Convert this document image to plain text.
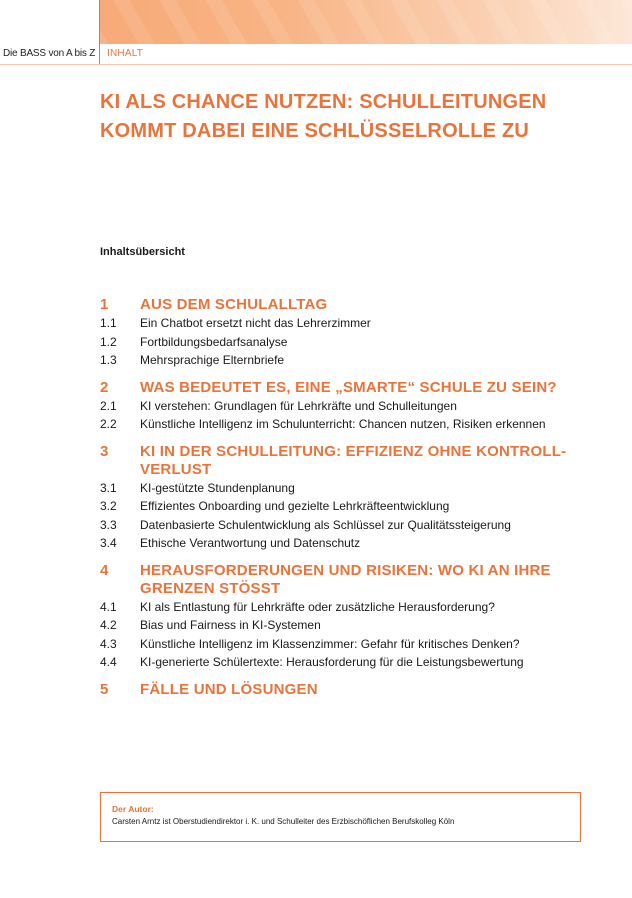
Die BASS von A bis Z INHALT
KI ALS CHANCE NUTZEN: SCHULLEITUNGEN KOMMT DABEI EINE SCHLÜSSELROLLE ZU
Inhaltsübersicht
1	AUS DEM SCHULALLTAG
1.1	Ein Chatbot ersetzt nicht das Lehrerzimmer
1.2	Fortbildungsbedarfsanalyse
1.3	Mehrsprachige Elternbriefe
2	WAS BEDEUTET ES, EINE „SMARTE“ SCHULE ZU SEIN?
2.1	KI verstehen: Grundlagen für Lehrkräfte und Schulleitungen
2.2	Künstliche Intelligenz im Schulunterricht: Chancen nutzen, Risiken erkennen
3	KI IN DER SCHULLEITUNG: EFFIZIENZ OHNE KONTROLLVERLUST
3.1	KI-gestützte Stundenplanung
3.2	Effizientes Onboarding und gezielte Lehrkräfteentwicklung
3.3	Datenbasierte Schulentwicklung als Schlüssel zur Qualitätssteigerung
3.4	Ethische Verantwortung und Datenschutz
4	HERAUSFORDERUNGEN UND RISIKEN: WO KI AN IHRE GRENZEN STÖSST
4.1	KI als Entlastung für Lehrkräfte oder zusätzliche Herausforderung?
4.2	Bias und Fairness in KI-Systemen
4.3	Künstliche Intelligenz im Klassenzimmer: Gefahr für kritisches Denken?
4.4	KI-generierte Schülertexte: Herausforderung für die Leistungsbewertung
5	FÄLLE UND LÖSUNGEN
Der Autor:
Carsten Arntz ist Oberstudiendirektor i. K. und Schulleiter des Erzbischöflichen Berufskolleg Köln
